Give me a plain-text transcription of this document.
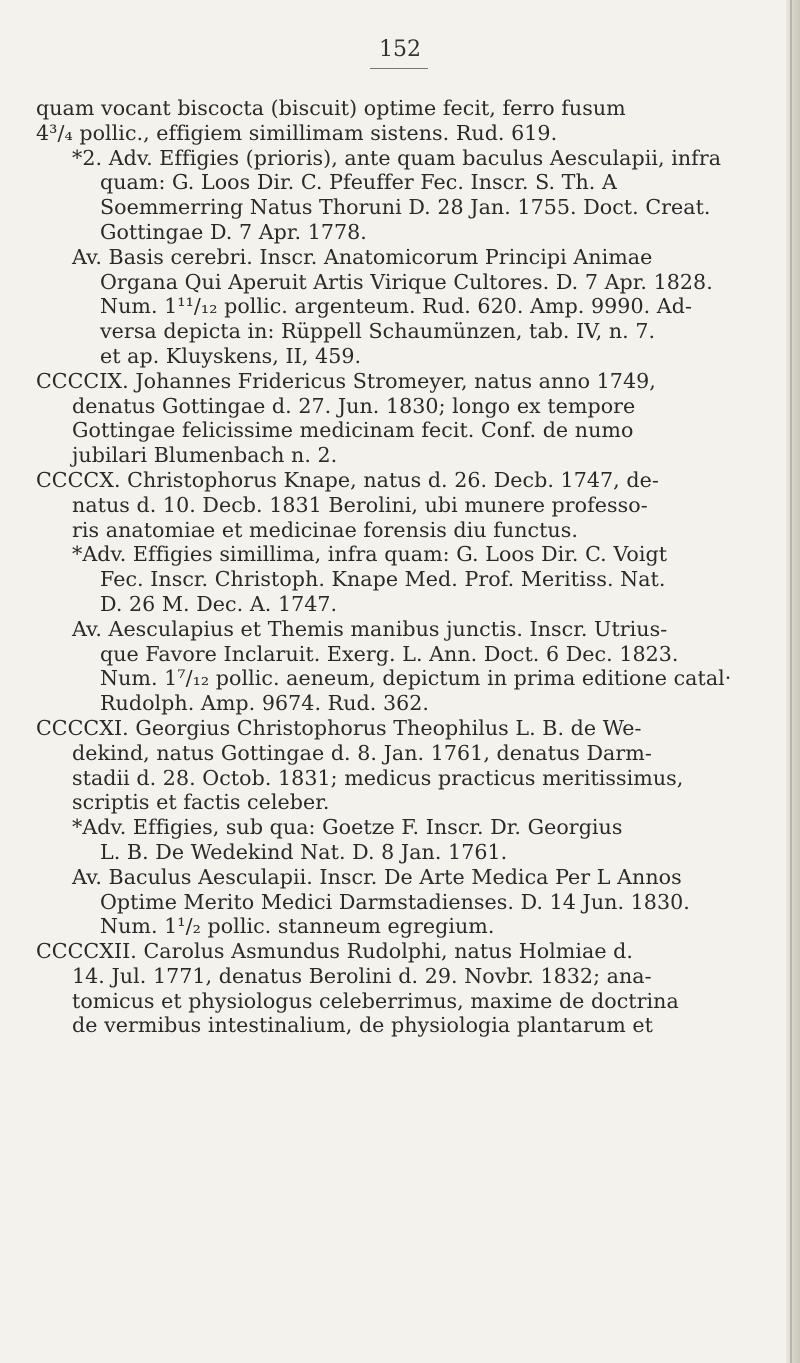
152

quam vocant biscocta (biscuit) optime fecit, ferro fusum
4³/₄ pollic., effigiem simillimam sistens. Rud. 619.

*2. Adv. Effigies (prioris), ante quam baculus Aesculapii, infra
quam: G. Loos Dir. C. Pfeuffer Fec. Inscr. S. Th. A
Soemmerring Natus Thoruni D. 28 Jan. 1755. Doct. Creat.
Gottingae D. 7 Apr. 1778.

Av. Basis cerebri. Inscr. Anatomicorum Principi Animae
Organa Qui Aperuit Artis Virique Cultores. D. 7 Apr. 1828.
Num. 1¹¹/₁₂ pollic. argenteum. Rud. 620. Amp. 9990. Ad-
versa depicta in: Rüppell Schaumünzen, tab. IV, n. 7.
et ap. Kluyskens, II, 459.

CCCCIX. Johannes Fridericus Stromeyer, natus anno 1749,
denatus Gottingae d. 27. Jun. 1830; longo ex tempore
Gottingae felicissime medicinam fecit. Conf. de numo
jubilari Blumenbach n. 2.

CCCCX. Christophorus Knape, natus d. 26. Decb. 1747, de-
natus d. 10. Decb. 1831 Berolini, ubi munere professo-
ris anatomiae et medicinae forensis diu functus.

*Adv. Effigies simillima, infra quam: G. Loos Dir. C. Voigt
Fec. Inscr. Christoph. Knape Med. Prof. Meritiss. Nat.
D. 26 M. Dec. A. 1747.

Av. Aesculapius et Themis manibus junctis. Inscr. Utrius-
que Favore Inclaruit. Exerg. L. Ann. Doct. 6 Dec. 1823.
Num. 1⁷/₁₂ pollic. aeneum, depictum in prima editione catal·
Rudolph. Amp. 9674. Rud. 362.

CCCCXI. Georgius Christophorus Theophilus L. B. de We-
dekind, natus Gottingae d. 8. Jan. 1761, denatus Darm-
stadii d. 28. Octob. 1831; medicus practicus meritissimus,
scriptis et factis celeber.

*Adv. Effigies, sub qua: Goetze F. Inscr. Dr. Georgius
L. B. De Wedekind Nat. D. 8 Jan. 1761.

Av. Baculus Aesculapii. Inscr. De Arte Medica Per L Annos
Optime Merito Medici Darmstadienses. D. 14 Jun. 1830.
Num. 1¹/₂ pollic. stanneum egregium.

CCCCXII. Carolus Asmundus Rudolphi, natus Holmiae d.
14. Jul. 1771, denatus Berolini d. 29. Novbr. 1832; ana-
tomicus et physiologus celeberrimus, maxime de doctrina
de vermibus intestinalium, de physiologia plantarum et
